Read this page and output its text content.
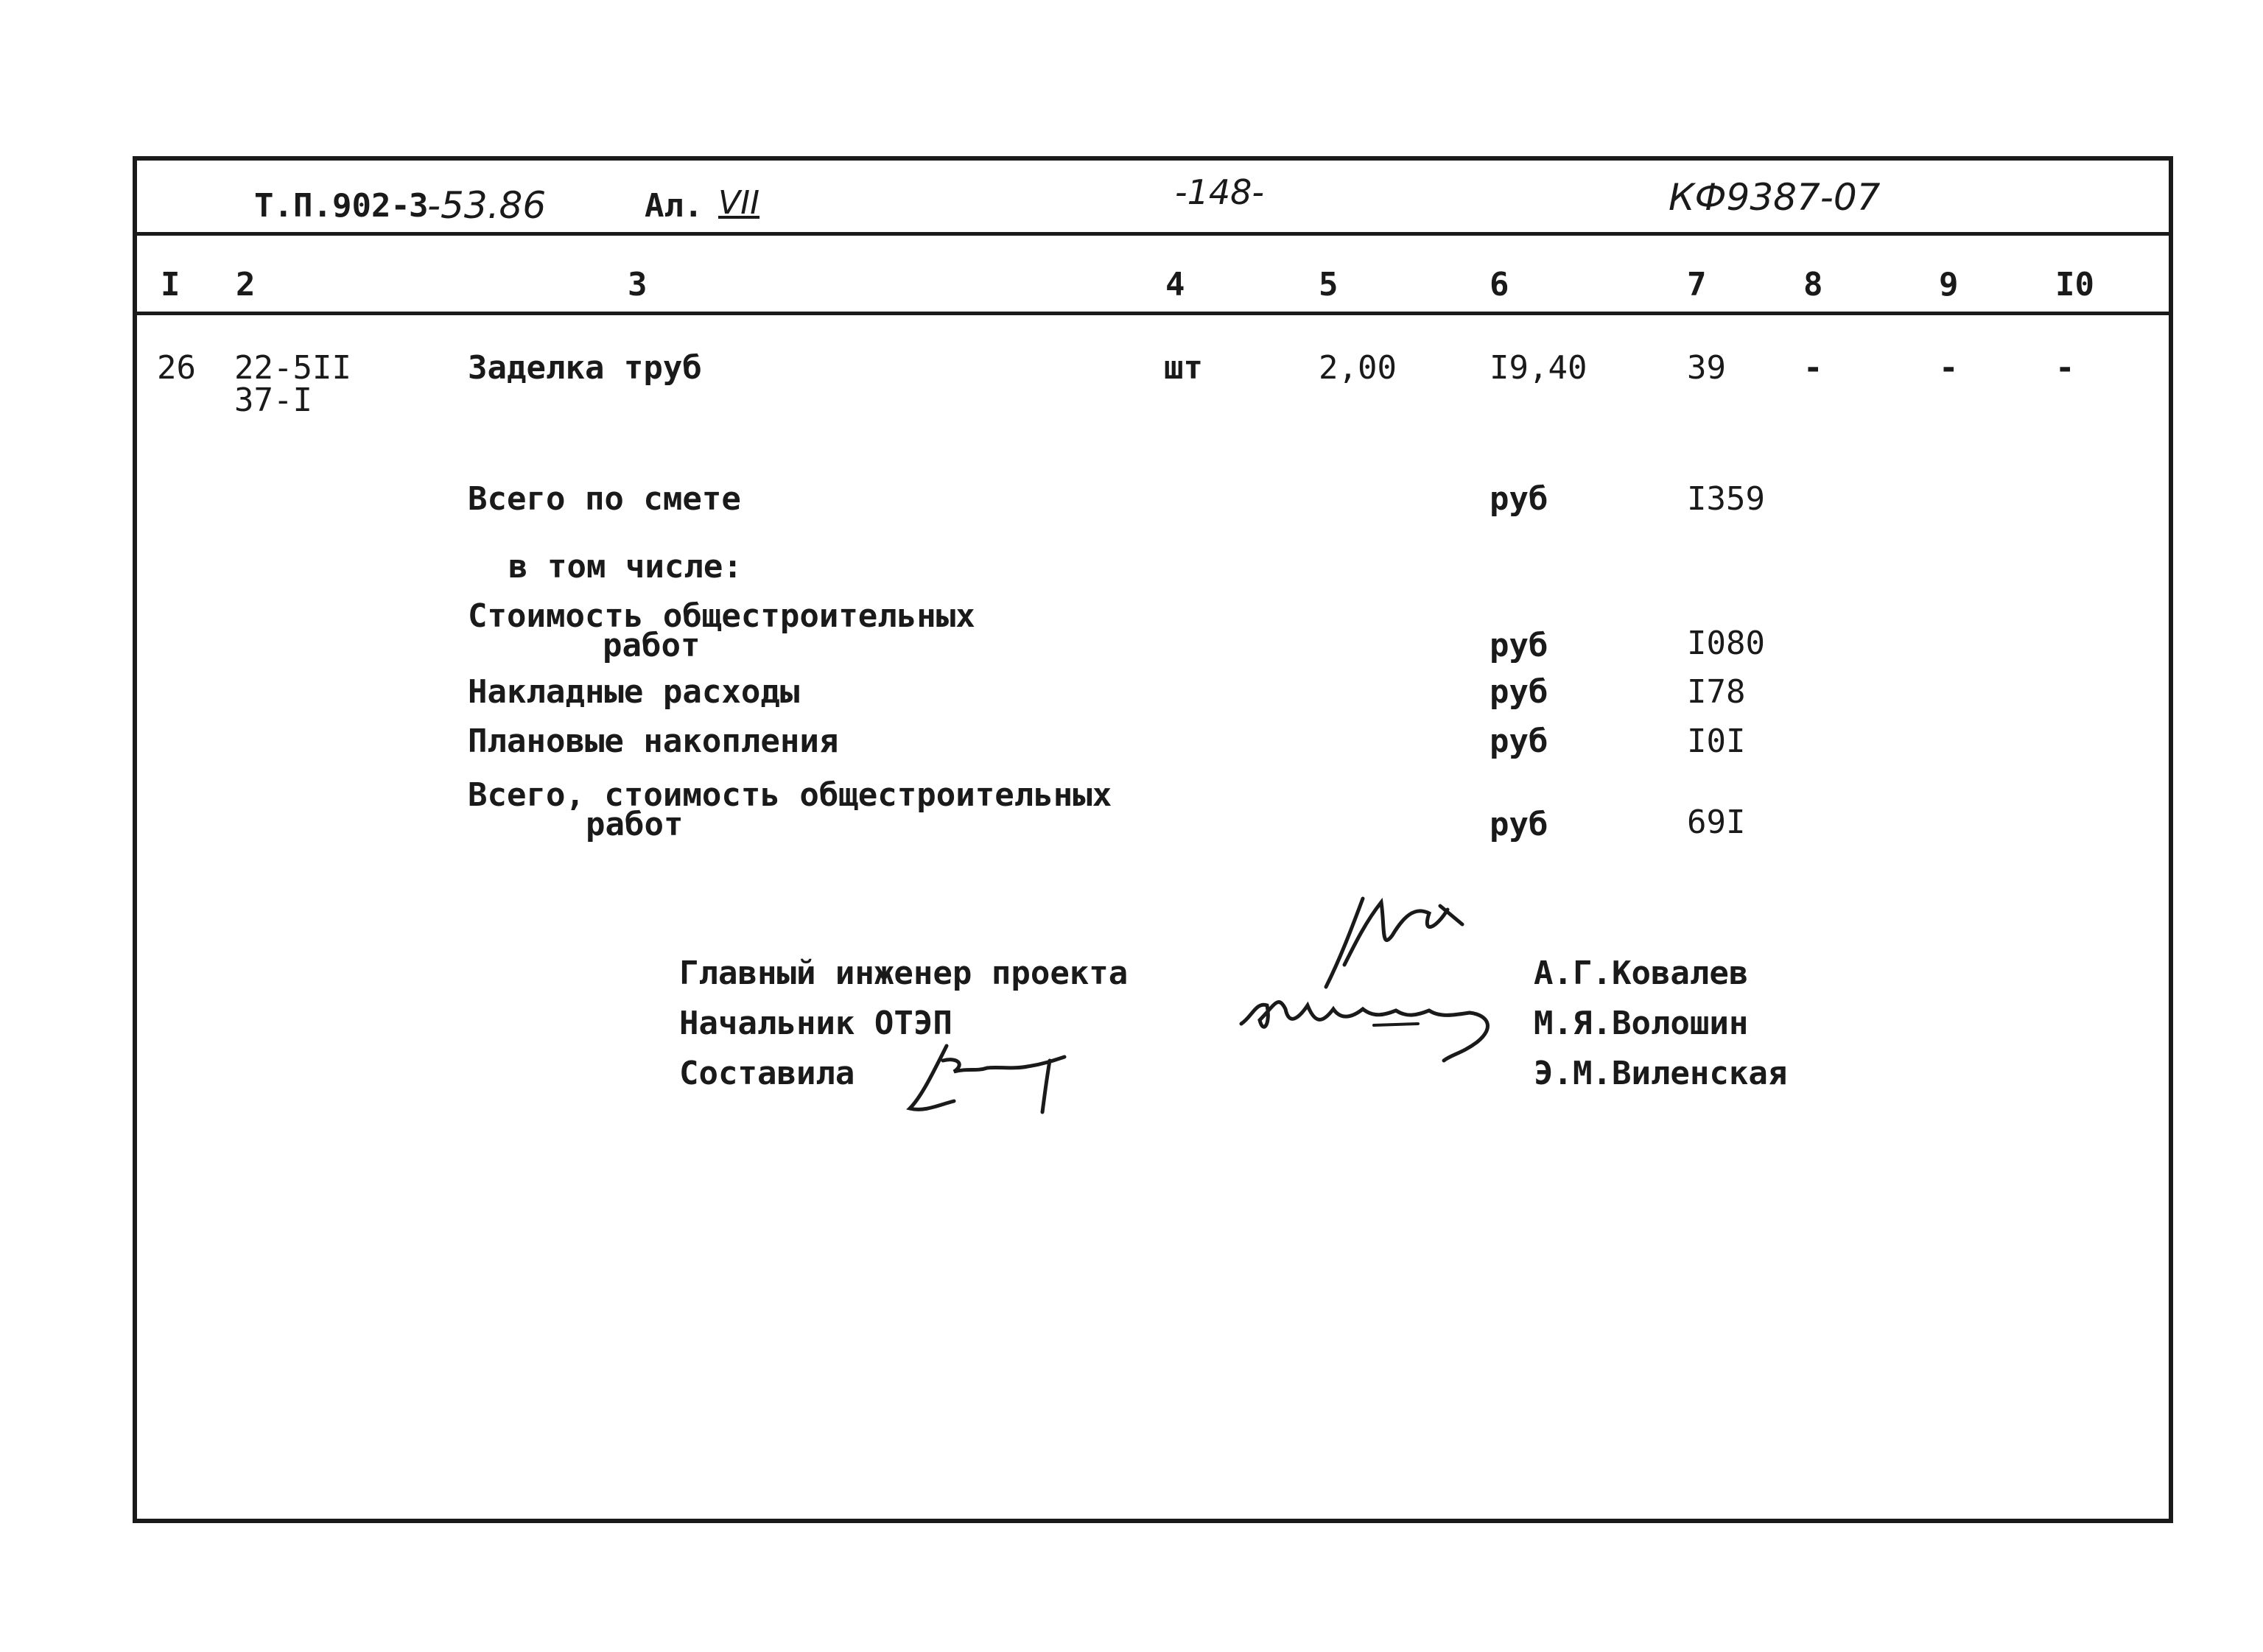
Т.П.902-
3
-53.86	Ал. VII	-148-	КФ9387-07
I 2	3	4	5	6	7	8	9	I0
26 22-5II
37-I
Заделка труб	шт	2,00	I9,40	39 -	-	-
Всего по смете	руб	I359
в том числе:
Стоимость общестроительных
работ	руб	I080
Накладные расходы	руб	I78
Плановые накопления	руб	I0I
Всего, стоимость общестроительных
работ	руб	69I
Главный инженер проекта
Начальник ОТЭП
Составила
А.Г.Ковалев
М.Я.Волошин
Э.М.Виленская
